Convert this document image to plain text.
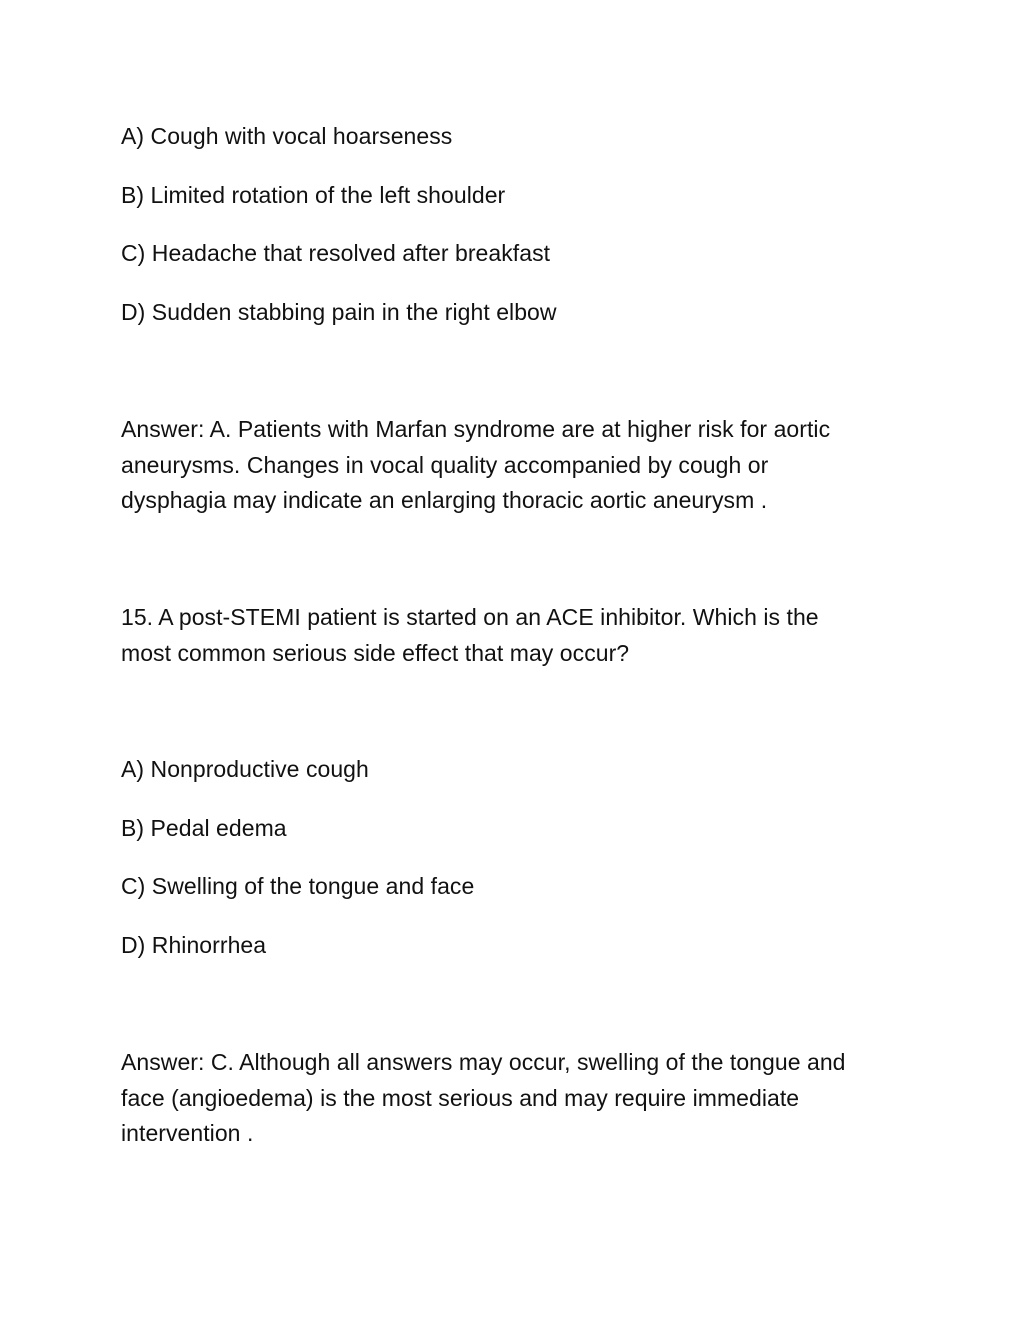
A) Cough with vocal hoarseness
B) Limited rotation of the left shoulder
C) Headache that resolved after breakfast
D) Sudden stabbing pain in the right elbow
Answer: A. Patients with Marfan syndrome are at higher risk for aortic
aneurysms. Changes in vocal quality accompanied by cough or
dysphagia may indicate an enlarging thoracic aortic aneurysm .
15. A post-STEMI patient is started on an ACE inhibitor. Which is the
most common serious side effect that may occur?
A) Nonproductive cough
B) Pedal edema
C) Swelling of the tongue and face
D) Rhinorrhea
Answer: C. Although all answers may occur, swelling of the tongue and
face (angioedema) is the most serious and may require immediate
intervention .
